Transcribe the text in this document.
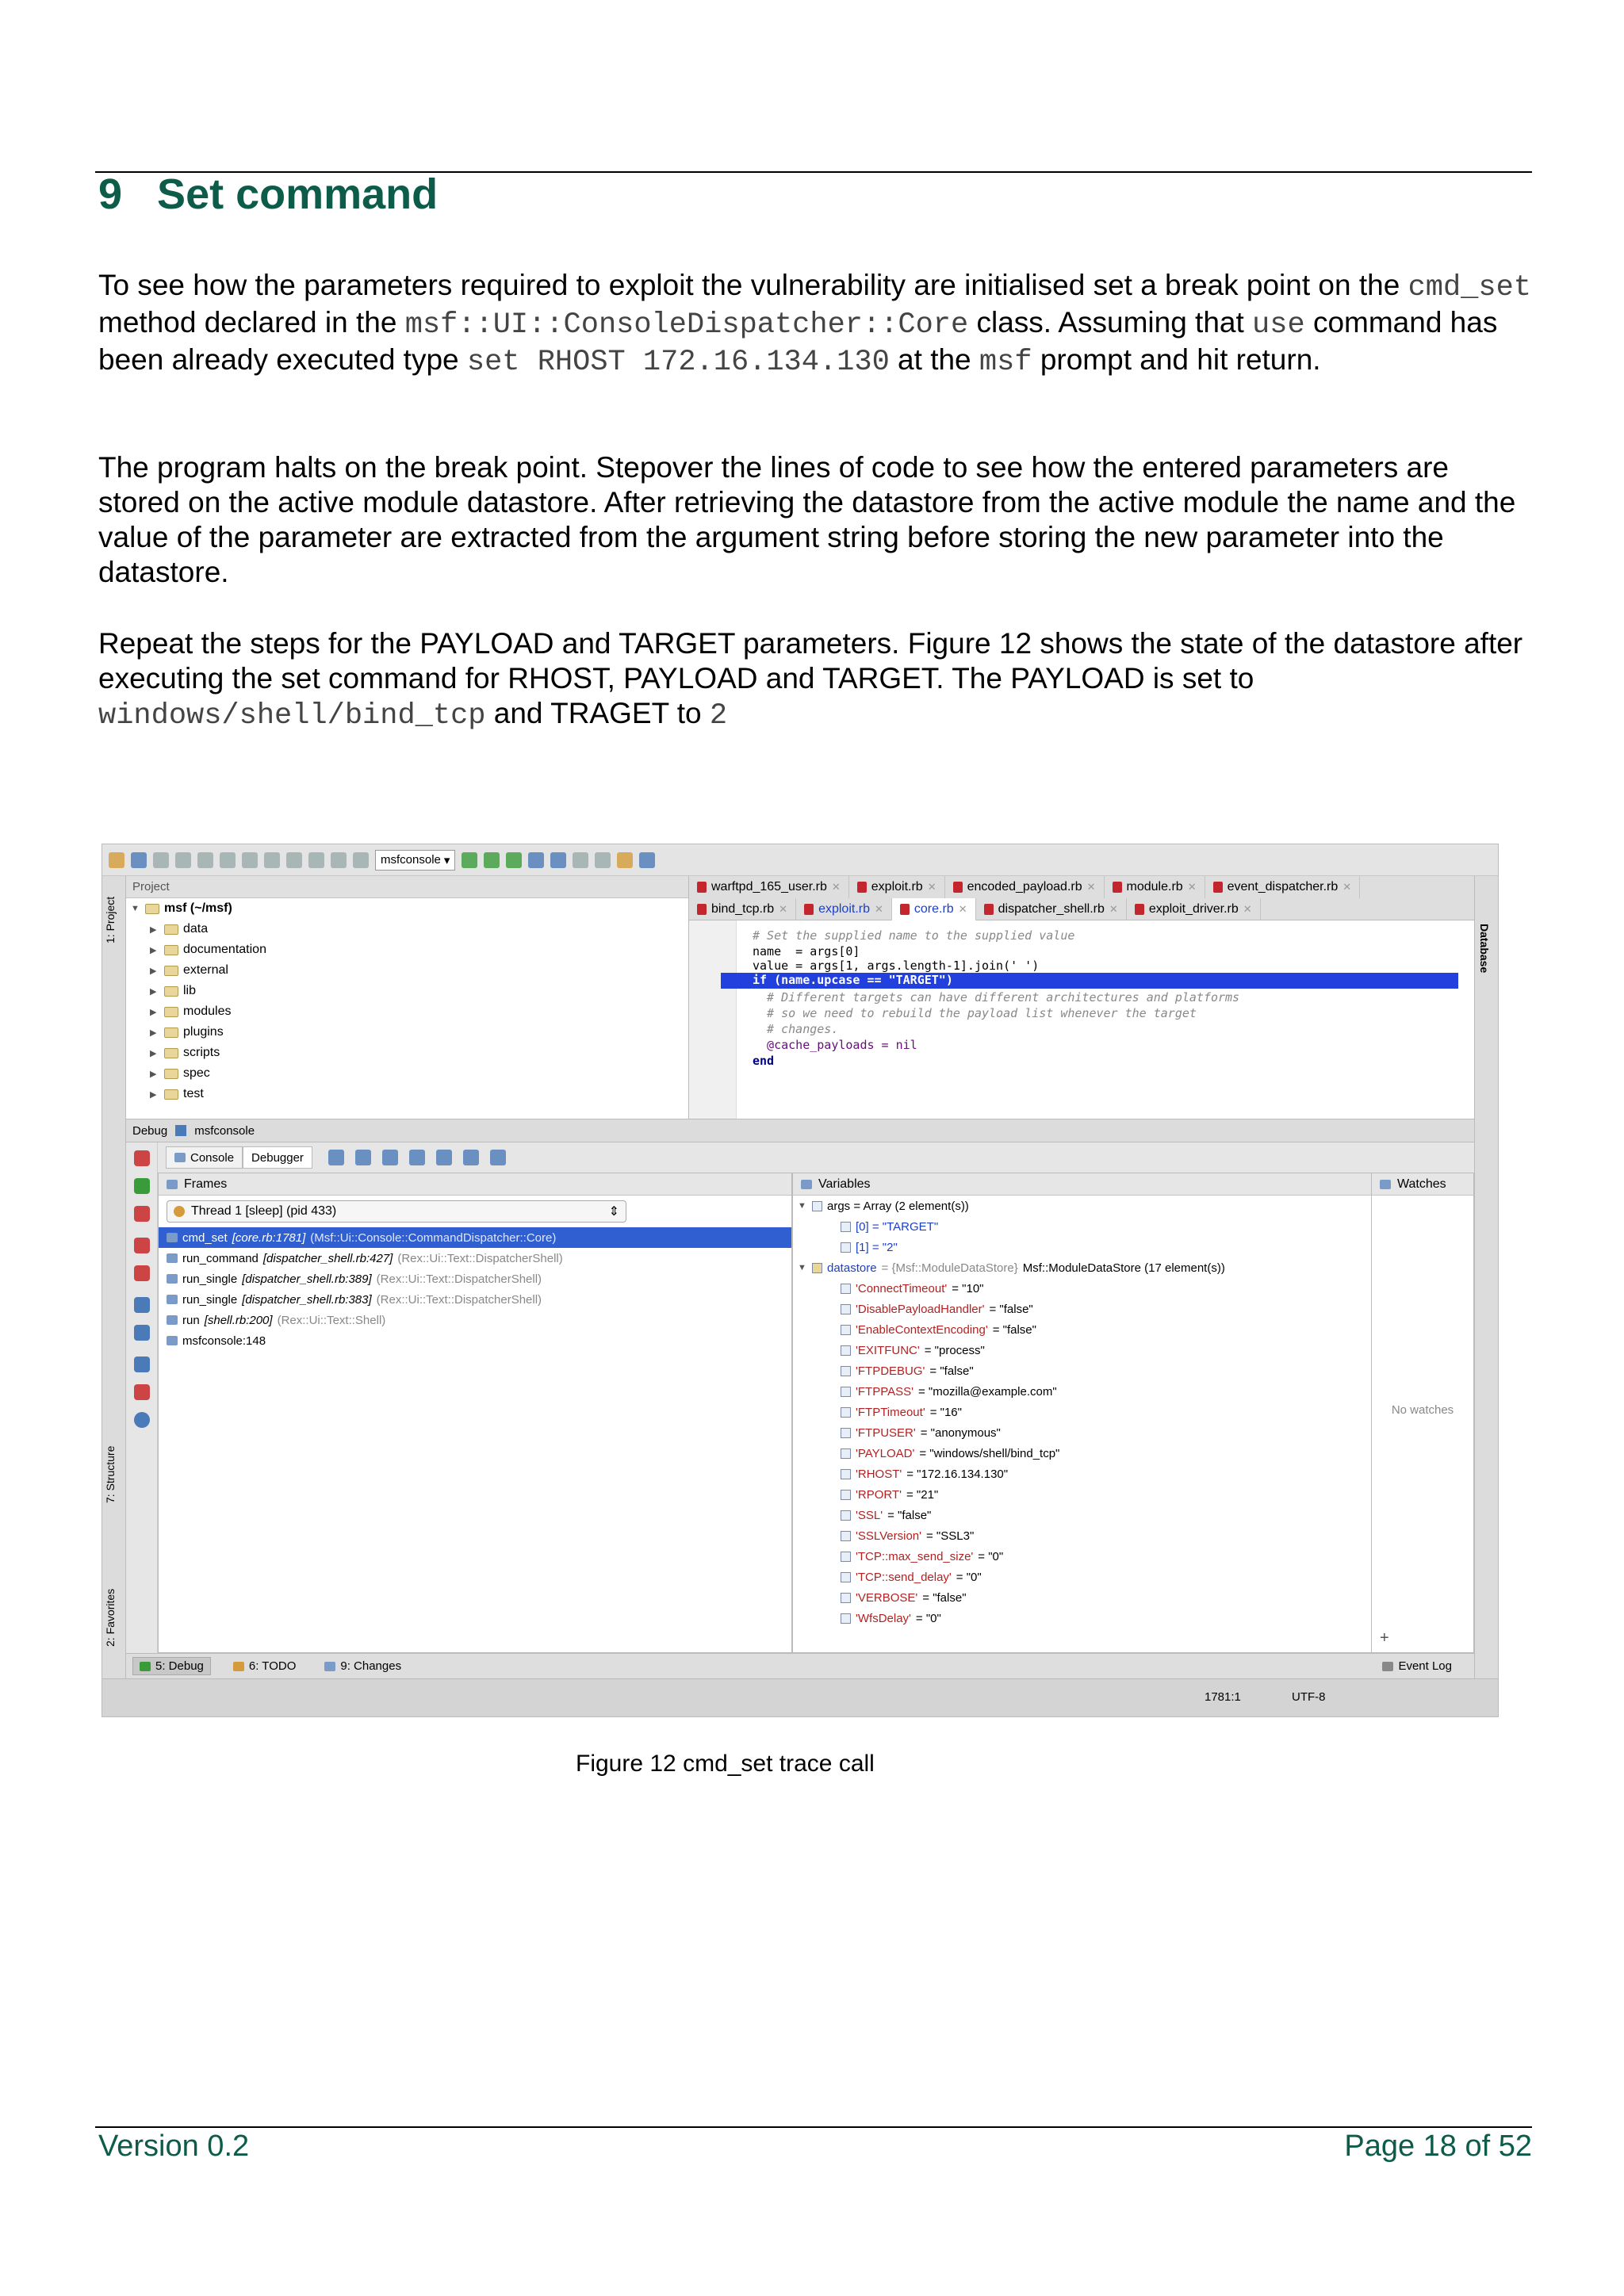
9 Set command
To see how the parameters required to exploit the vulnerability are initialised set a break point on the cmd_set method declared in the msf::UI::ConsoleDispatcher::Core class. Assuming that use command has been already executed type set RHOST 172.16.134.130 at the msf prompt and hit return.
The program halts on the break point. Stepover the lines of code to see how the entered parameters are stored on the active module datastore. After retrieving the datastore from the active module the name and the value of the parameter are extracted from the argument string before storing the new parameter into the datastore.
Repeat the steps for the PAYLOAD and TARGET parameters. Figure 12 shows the state of the datastore after executing the set command for RHOST, PAYLOAD and TARGET. The PAYLOAD is set to windows/shell/bind_tcp and TRAGET to 2
msfconsole ▾
1: Project
7: Structure
2: Favorites
Database
Project
▼ msf (~/msf)
▶ data
▶ documentation
▶ external
▶ lib
▶ modules
▶ plugins
▶ scripts
▶ spec
▶ test
warftpd_165_user.rb ✕ exploit.rb ✕ encoded_payload.rb ✕ module.rb ✕ event_dispatcher.rb ✕
bind_tcp.rb ✕ exploit.rb ✕ core.rb ✕ dispatcher_shell.rb ✕ exploit_driver.rb ✕
# Set the supplied name to the supplied value
name  = args[0]
value = args[1, args.length-1].join(' ')
if (name.upcase == "TARGET")
# Different targets can have different architectures and platforms
# so we need to rebuild the payload list whenever the target
# changes.
@cache_payloads = nil
end
Debug msfconsole
Console Debugger
Frames
Thread 1 [sleep] (pid 433)	⇕
cmd_set [core.rb:1781] (Msf::Ui::Console::CommandDispatcher::Core)
run_command [dispatcher_shell.rb:427] (Rex::Ui::Text::DispatcherShell)
run_single [dispatcher_shell.rb:389] (Rex::Ui::Text::DispatcherShell)
run_single [dispatcher_shell.rb:383] (Rex::Ui::Text::DispatcherShell)
run [shell.rb:200] (Rex::Ui::Text::Shell)
msfconsole:148
Variables
▼ args = Array (2 element(s))
[0] = "TARGET"
[1] = "2"
▼ datastore = {Msf::ModuleDataStore} Msf::ModuleDataStore (17 element(s))
'ConnectTimeout' = "10"
'DisablePayloadHandler' = "false"
'EnableContextEncoding' = "false"
'EXITFUNC' = "process"
'FTPDEBUG' = "false"
'FTPPASS' = "mozilla@example.com"
'FTPTimeout' = "16"
'FTPUSER' = "anonymous"
'PAYLOAD' = "windows/shell/bind_tcp"
'RHOST' = "172.16.134.130"
'RPORT' = "21"
'SSL' = "false"
'SSLVersion' = "SSL3"
'TCP::max_send_size' = "0"
'TCP::send_delay' = "0"
'VERBOSE' = "false"
'WfsDelay' = "0"
Watches
No watches
+
5: Debug	6: TODO	9: Changes	Event Log
1781:1	UTF-8
Figure 12 cmd_set trace call
Version 0.2	Page 18 of 52
